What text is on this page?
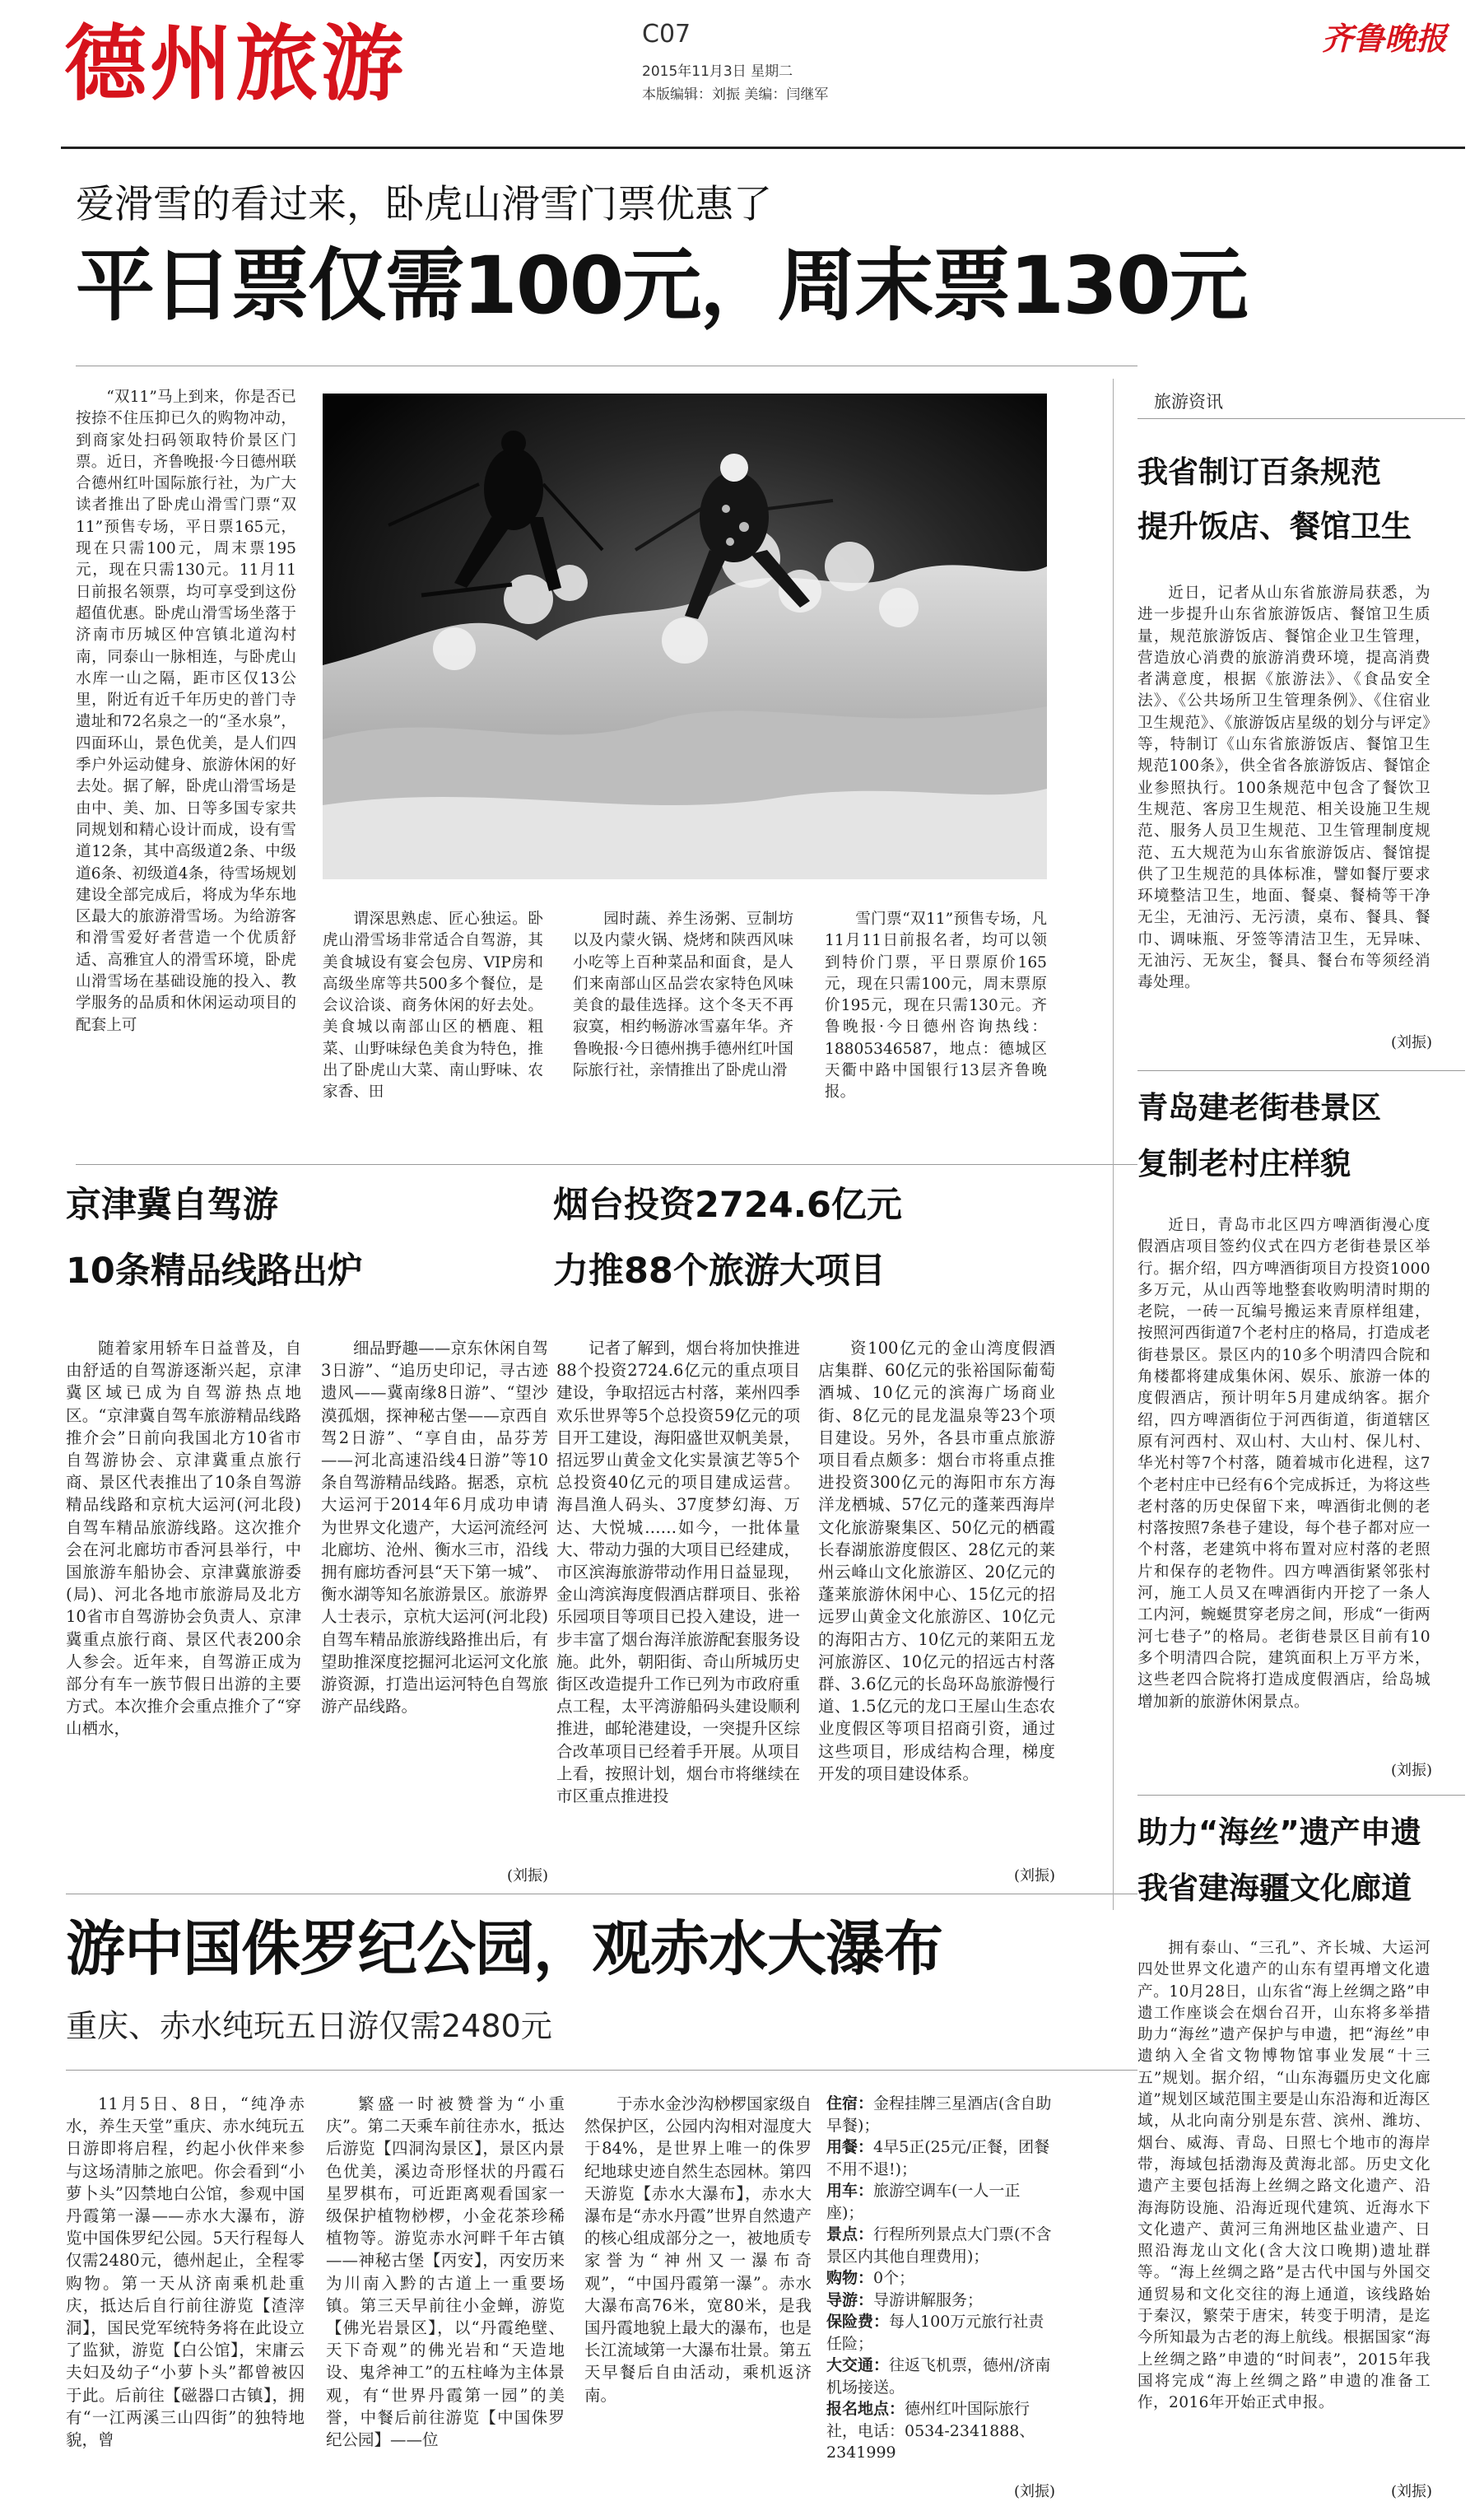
德州旅游	C07
2015年11月3日 星期二
本版编辑：刘振 美编：闫继军
齐鲁晚报
爱滑雪的看过来，卧虎山滑雪门票优惠了
平日票仅需100元，周末票130元

“双11”马上到来，你是否已按捺不住压抑已久的购物冲动，到商家处扫码领取特价景区门票。近日，齐鲁晚报·今日德州联合德州红叶国际旅行社，为广大读者推出了卧虎山滑雪门票“双11”预售专场，平日票165元，现在只需100元，周末票195元，现在只需130元。11月11日前报名领票，均可享受到这份超值优惠。卧虎山滑雪场坐落于济南市历城区仲宫镇北道沟村南，同泰山一脉相连，与卧虎山水库一山之隔，距市区仅13公里，附近有近千年历史的普门寺遗址和72名泉之一的“圣水泉”，四面环山，景色优美，是人们四季户外运动健身、旅游休闲的好去处。据了解，卧虎山滑雪场是由中、美、加、日等多国专家共同规划和精心设计而成，设有雪道12条，其中高级道2条、中级道6条、初级道4条，待雪场规划建设全部完成后，将成为华东地区最大的旅游滑雪场。为给游客和滑雪爱好者营造一个优质舒适、高雅宜人的滑雪环境，卧虎山滑雪场在基础设施的投入、教学服务的品质和休闲运动项目的配套上可

谓深思熟虑、匠心独运。卧虎山滑雪场非常适合自驾游，其美食城设有宴会包房、VIP房和高级坐席等共500多个餐位，是会议洽谈、商务休闲的好去处。美食城以南部山区的栖鹿、粗菜、山野味绿色美食为特色，推出了卧虎山大菜、南山野味、农家香、田

园时蔬、养生汤粥、豆制坊以及内蒙火锅、烧烤和陕西风味小吃等上百种菜品和面食，是人们来南部山区品尝农家特色风味美食的最佳选择。这个冬天不再寂寞，相约畅游冰雪嘉年华。齐鲁晚报·今日德州携手德州红叶国际旅行社，亲情推出了卧虎山滑

雪门票“双11”预售专场，凡11月11日前报名者，均可以领到特价门票，平日票原价165元，现在只需100元，周末票原价195元，现在只需130元。齐鲁晚报·今日德州咨询热线：18805346587，地点：德城区天衢中路中国银行13层齐鲁晚报。

京津冀自驾游
10条精品线路出炉

随着家用轿车日益普及，自由舒适的自驾游逐渐兴起，京津冀区域已成为自驾游热点地区。“京津冀自驾车旅游精品线路推介会”日前向我国北方10省市自驾游协会、京津冀重点旅行商、景区代表推出了10条自驾游精品线路和京杭大运河(河北段)自驾车精品旅游线路。这次推介会在河北廊坊市香河县举行，中国旅游车船协会、京津冀旅游委(局)、河北各地市旅游局及北方10省市自驾游协会负责人、京津冀重点旅行商、景区代表200余人参会。近年来，自驾游正成为部分有车一族节假日出游的主要方式。本次推介会重点推介了“穿山栖水，

细品野趣——京东休闲自驾3日游”、“追历史印记，寻古迹遗风——冀南缘8日游”、“望沙漠孤烟，探神秘古堡——京西自驾2日游”、“享自由，品芬芳——河北高速沿线4日游”等10条自驾游精品线路。据悉，京杭大运河于2014年6月成功申请为世界文化遗产，大运河流经河北廊坊、沧州、衡水三市，沿线拥有廊坊香河县“天下第一城”、衡水湖等知名旅游景区。旅游界人士表示，京杭大运河(河北段)自驾车精品旅游线路推出后，有望助推深度挖掘河北运河文化旅游资源，打造出运河特色自驾旅游产品线路。

(刘振)
烟台投资2724.6亿元
力推88个旅游大项目

记者了解到，烟台将加快推进88个投资2724.6亿元的重点项目建设，争取招远古村落，莱州四季欢乐世界等5个总投资59亿元的项目开工建设，海阳盛世双帆美景，招远罗山黄金文化实景演艺等5个总投资40亿元的项目建成运营。海昌渔人码头、37度梦幻海、万达、大悦城……如今，一批体量大、带动力强的大项目已经建成，市区滨海旅游带动作用日益显现，金山湾滨海度假酒店群项目、张裕乐园项目等项目已投入建设，进一步丰富了烟台海洋旅游配套服务设施。此外，朝阳街、奇山所城历史街区改造提升工作已列为市政府重点工程，太平湾游船码头建设顺利推进，邮轮港建设，一突提升区综合改革项目已经着手开展。从项目上看，按照计划，烟台市将继续在市区重点推进投

资100亿元的金山湾度假酒店集群、60亿元的张裕国际葡萄酒城、10亿元的滨海广场商业街、8亿元的昆龙温泉等23个项目建设。另外，各县市重点旅游项目看点颇多：烟台市将重点推进投资300亿元的海阳市东方海洋龙栖城、57亿元的蓬莱西海岸文化旅游聚集区、50亿元的栖霞长春湖旅游度假区、28亿元的莱州云峰山文化旅游区、20亿元的蓬莱旅游休闲中心、15亿元的招远罗山黄金文化旅游区、10亿元的海阳古方、10亿元的莱阳五龙河旅游区、10亿元的招远古村落群、3.6亿元的长岛环岛旅游慢行道、1.5亿元的龙口王屋山生态农业度假区等项目招商引资，通过这些项目，形成结构合理，梯度开发的项目建设体系。

(刘振)
游中国侏罗纪公园，观赤水大瀑布
重庆、赤水纯玩五日游仅需2480元

11月5日、8日，“纯净赤水，养生天堂”重庆、赤水纯玩五日游即将启程，约起小伙伴来参与这场清肺之旅吧。你会看到“小萝卜头”囚禁地白公馆，参观中国丹霞第一瀑——赤水大瀑布，游览中国侏罗纪公园。5天行程每人仅需2480元，德州起止，全程零购物。第一天从济南乘机赴重庆，抵达后自行前往游览【渣滓洞】，国民党军统特务将在此设立了监狱，游览【白公馆】，宋庸云夫妇及幼子“小萝卜头”都曾被囚于此。后前往【磁器口古镇】，拥有“一江两溪三山四街”的独特地貌，曾

繁盛一时被赞誉为“小重庆”。第二天乘车前往赤水，抵达后游览【四洞沟景区】，景区内景色优美，溪边奇形怪状的丹霞石星罗棋布，可近距离观看国家一级保护植物桫椤，小金花茶珍稀植物等。游览赤水河畔千年古镇——神秘古堡【丙安】，丙安历来为川南入黔的古道上一重要场镇。第三天早前往小金蝉，游览【佛光岩景区】，以“丹霞绝壁、天下奇观”的佛光岩和“天造地设、鬼斧神工”的五柱峰为主体景观，有“世界丹霞第一园”的美誉，中餐后前往游览【中国侏罗纪公园】——位

于赤水金沙沟桫椤国家级自然保护区，公园内沟相对湿度大于84%，是世界上唯一的侏罗纪地球史迹自然生态园林。第四天游览【赤水大瀑布】，赤水大瀑布是“赤水丹霞”世界自然遗产的核心组成部分之一，被地质专家誉为“神州又一瀑布奇观”，“中国丹霞第一瀑”。赤水大瀑布高76米，宽80米，是我国丹霞地貌上最大的瀑布，也是长江流域第一大瀑布壮景。第五天早餐后自由活动，乘机返济南。

住宿：金程挂牌三星酒店(含自助早餐)；
用餐：4早5正(25元/正餐，团餐不用不退!)；
用车：旅游空调车(一人一正座)；
景点：行程所列景点大门票(不含景区内其他自理费用)；
购物：0个；
导游：导游讲解服务；
保险费：每人100万元旅行社责任险；
大交通：往返飞机票，德州/济南机场接送。
报名地点：德州红叶国际旅行社，电话：0534-2341888、2341999
(刘振)
旅游资讯
我省制订百条规范
提升饭店、餐馆卫生

近日，记者从山东省旅游局获悉，为进一步提升山东省旅游饭店、餐馆卫生质量，规范旅游饭店、餐馆企业卫生管理，营造放心消费的旅游消费环境，提高消费者满意度，根据《旅游法》、《食品安全法》、《公共场所卫生管理条例》、《住宿业卫生规范》、《旅游饭店星级的划分与评定》等，特制订《山东省旅游饭店、餐馆卫生规范100条》，供全省各旅游饭店、餐馆企业参照执行。100条规范中包含了餐饮卫生规范、客房卫生规范、相关设施卫生规范、服务人员卫生规范、卫生管理制度规范、五大规范为山东省旅游饭店、餐馆提供了卫生规范的具体标准，譬如餐厅要求环境整洁卫生，地面、餐桌、餐椅等干净无尘，无油污、无污渍，桌布、餐具、餐巾、调味瓶、牙签等清洁卫生，无异味、无油污、无灰尘，餐具、餐台布等须经消毒处理。

(刘振)
青岛建老街巷景区
复制老村庄样貌

近日，青岛市北区四方啤酒街漫心度假酒店项目签约仪式在四方老街巷景区举行。据介绍，四方啤酒街项目方投资1000多万元，从山西等地整套收购明清时期的老院，一砖一瓦编号搬运来青原样组建，按照河西街道7个老村庄的格局，打造成老街巷景区。景区内的10多个明清四合院和角楼都将建成集休闲、娱乐、旅游一体的度假酒店，预计明年5月建成纳客。据介绍，四方啤酒街位于河西街道，街道辖区原有河西村、双山村、大山村、保儿村、华光村等7个村落，随着城市化进程，这7个老村庄中已经有6个完成拆迁，为将这些老村落的历史保留下来，啤酒街北侧的老村落按照7条巷子建设，每个巷子都对应一个村落，老建筑中将布置对应村落的老照片和保存的老物件。四方啤酒街紧邻张村河，施工人员又在啤酒街内开挖了一条人工内河，蜿蜒贯穿老房之间，形成“一街两河七巷子”的格局。老街巷景区目前有10多个明清四合院，建筑面积上万平方米，这些老四合院将打造成度假酒店，给岛城增加新的旅游休闲景点。

(刘振)
助力“海丝”遗产申遗
我省建海疆文化廊道

拥有泰山、“三孔”、齐长城、大运河四处世界文化遗产的山东有望再增文化遗产。10月28日，山东省“海上丝绸之路”申遗工作座谈会在烟台召开，山东将多举措助力“海丝”遗产保护与申遗，把“海丝”申遗纳入全省文物博物馆事业发展“十三五”规划。据介绍，“山东海疆历史文化廊道”规划区域范围主要是山东沿海和近海区域，从北向南分别是东营、滨州、潍坊、烟台、威海、青岛、日照七个地市的海岸带，海域包括渤海及黄海北部。历史文化遗产主要包括海上丝绸之路文化遗产、沿海海防设施、沿海近现代建筑、近海水下文化遗产、黄河三角洲地区盐业遗产、日照沿海龙山文化(含大汶口晚期)遗址群等。“海上丝绸之路”是古代中国与外国交通贸易和文化交往的海上通道，该线路始于秦汉，繁荣于唐宋，转变于明清，是迄今所知最为古老的海上航线。根据国家“海上丝绸之路”申遗的“时间表”，2015年我国将完成“海上丝绸之路”申遗的准备工作，2016年开始正式申报。

(刘振)
